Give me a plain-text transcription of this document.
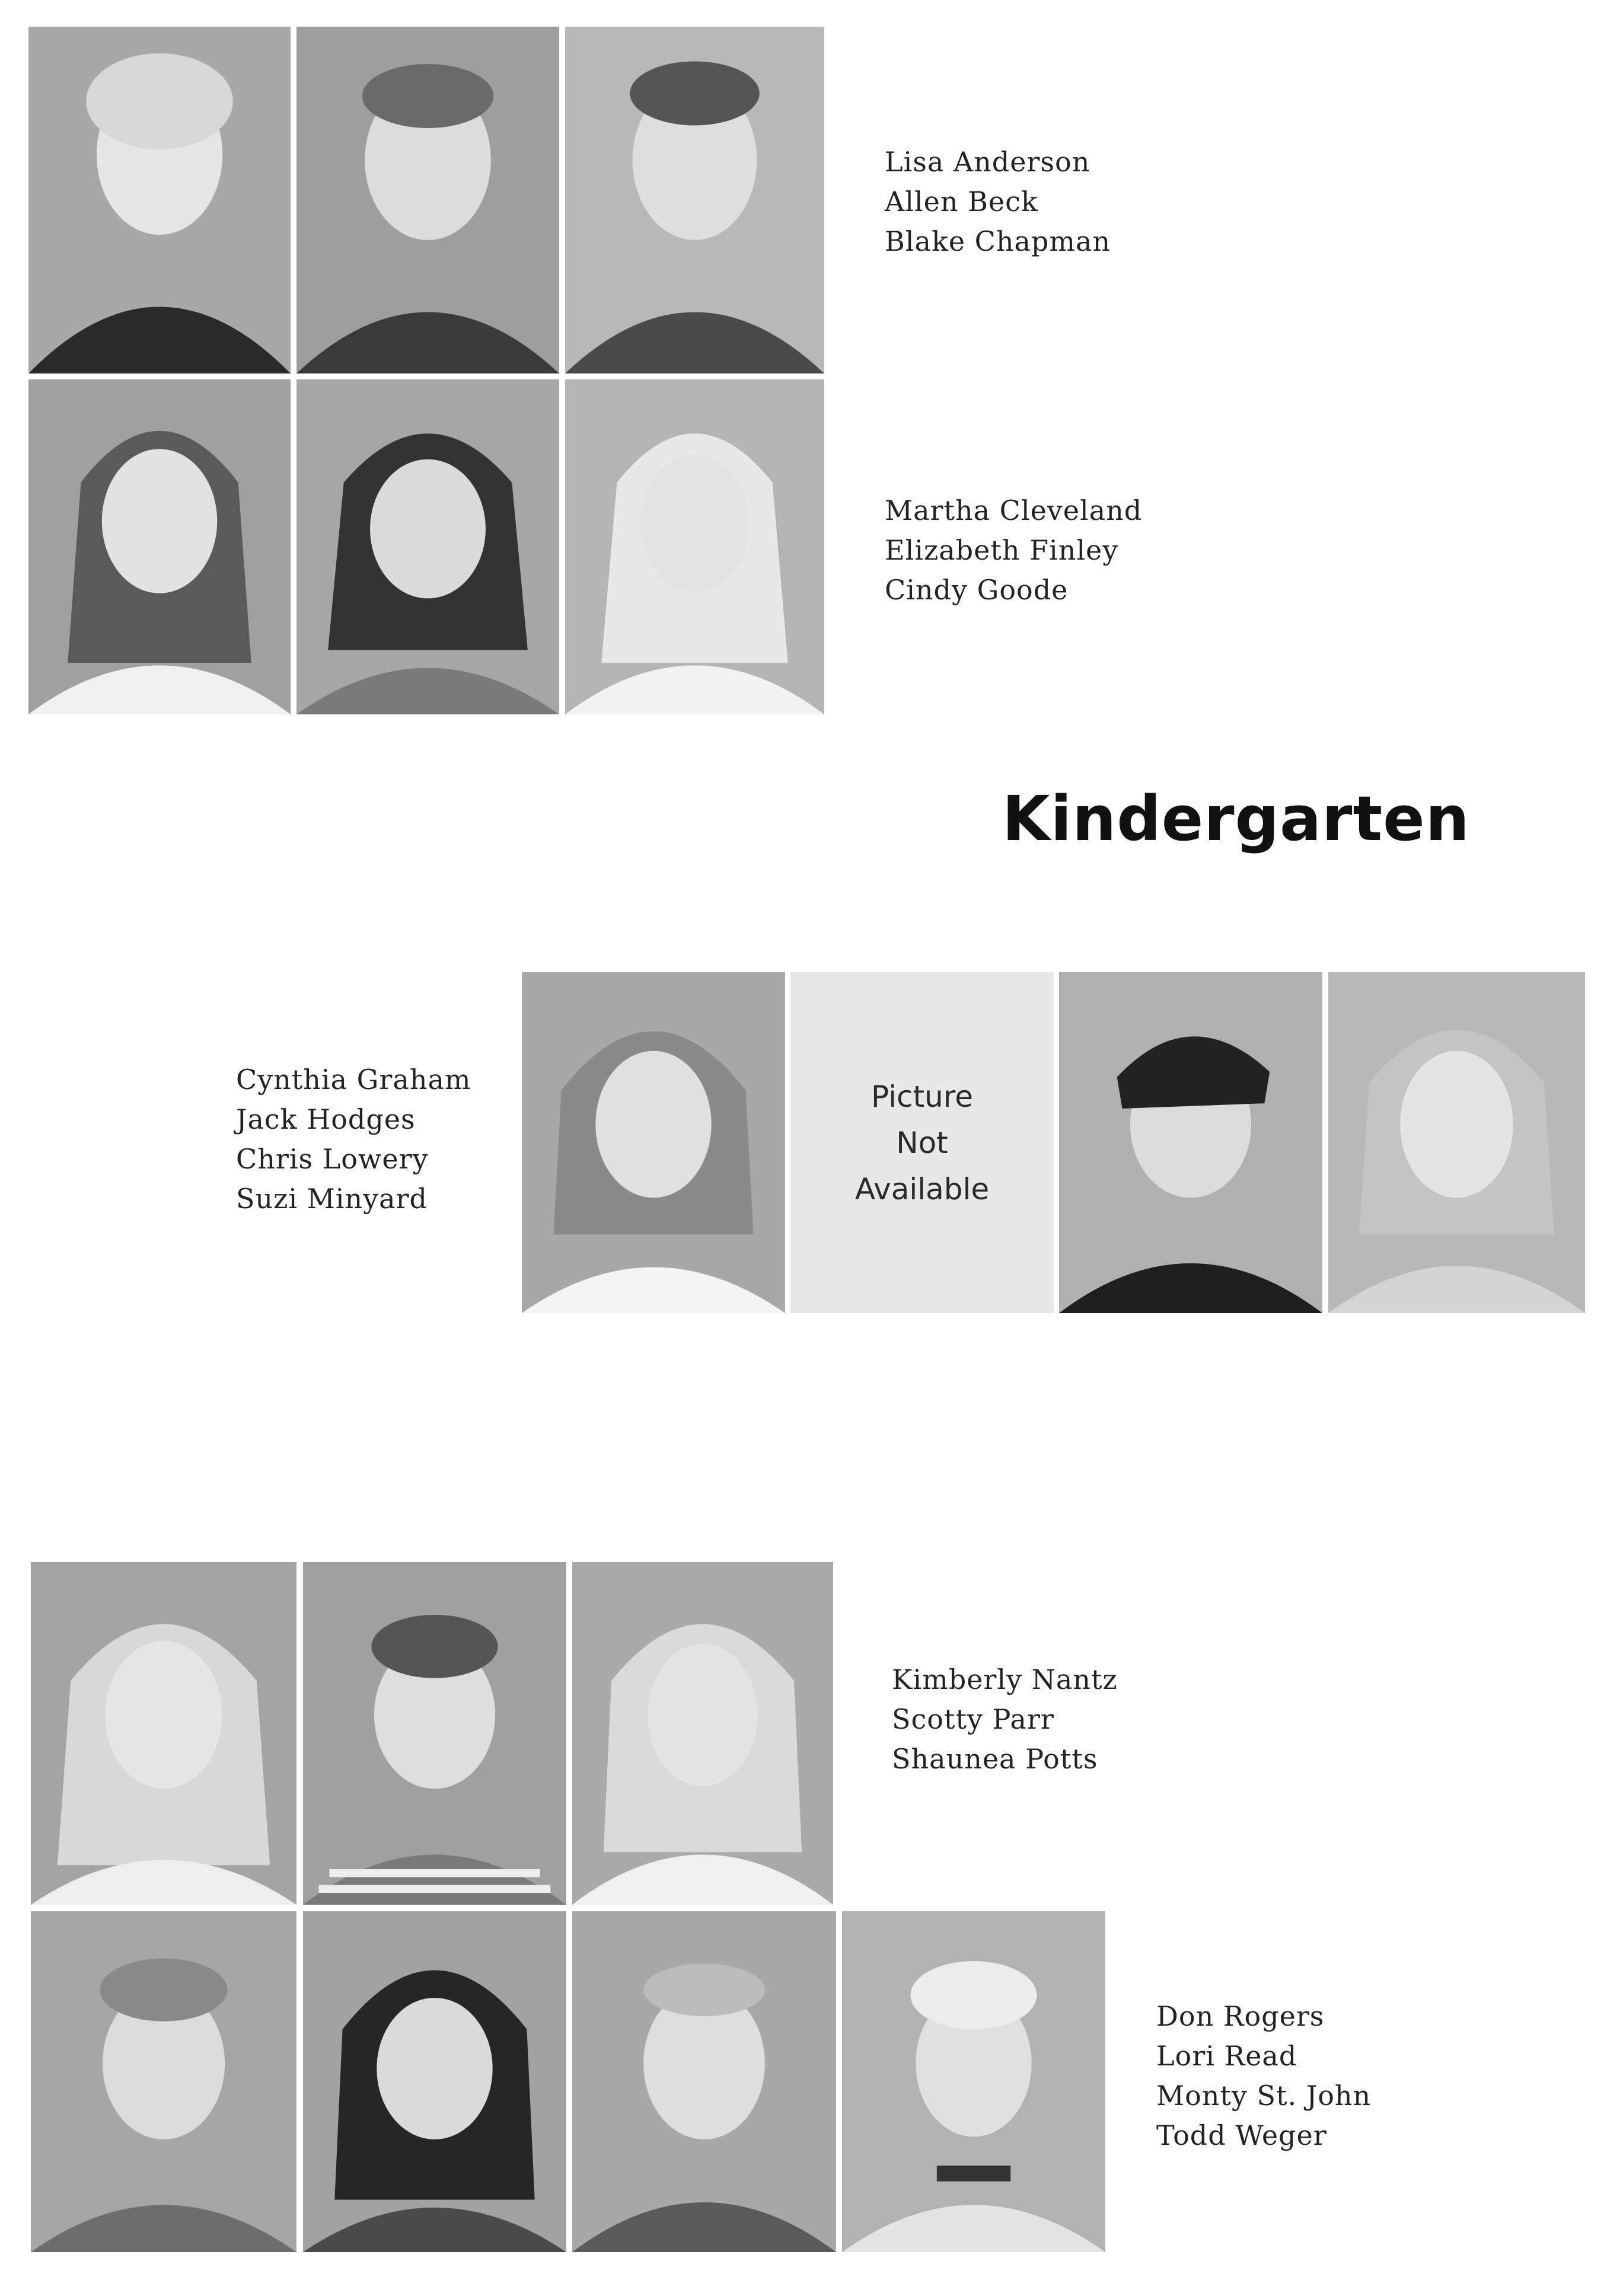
Lisa Anderson
Allen Beck
Blake Chapman
Martha Cleveland
Elizabeth Finley
Cindy Goode
Kindergarten
Cynthia Graham
Jack Hodges
Chris Lowery
Suzi Minyard
Picture
Not
Available
Kimberly Nantz
Scotty Parr
Shaunea Potts
Don Rogers
Lori Read
Monty St. John
Todd Weger
